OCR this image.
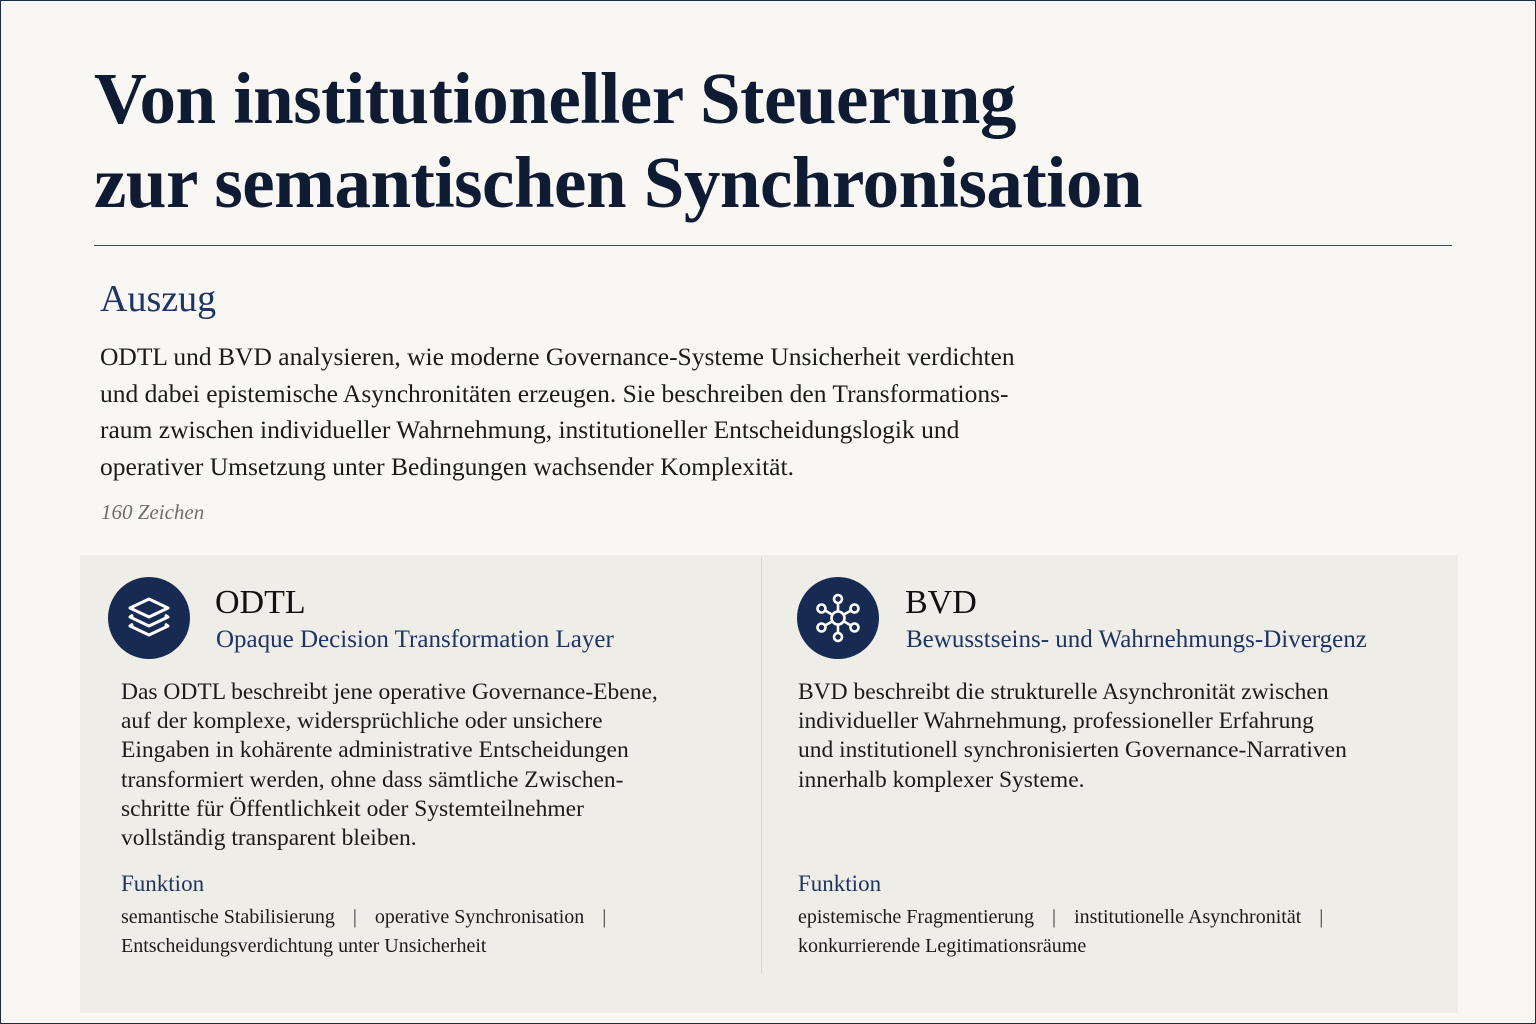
Von institutioneller Steuerung
zur semantischen Synchronisation
Auszug

ODTL und BVD analysieren, wie moderne Governance-Systeme Unsicherheit verdichten
und dabei epistemische Asynchronitäten erzeugen. Sie beschreiben den Transformations-
raum zwischen individueller Wahrnehmung, institutioneller Entscheidungslogik und
operativer Umsetzung unter Bedingungen wachsender Komplexität.

160 Zeichen
ODTL
Opaque Decision Transformation Layer

Das ODTL beschreibt jene operative Governance-Ebene,
auf der komplexe, widersprüchliche oder unsichere
Eingaben in kohärente administrative Entscheidungen
transformiert werden, ohne dass sämtliche Zwischen-
schritte für Öffentlichkeit oder Systemteilnehmer
vollständig transparent bleiben.

Funktion
semantische Stabilisierung | operative Synchronisation |
Entscheidungsverdichtung unter Unsicherheit
BVD
Bewusstseins- und Wahrnehmungs-Divergenz

BVD beschreibt die strukturelle Asynchronität zwischen
individueller Wahrnehmung, professioneller Erfahrung
und institutionell synchronisierten Governance-Narrativen
innerhalb komplexer Systeme.

Funktion
epistemische Fragmentierung | institutionelle Asynchronität |
konkurrierende Legitimationsräume
